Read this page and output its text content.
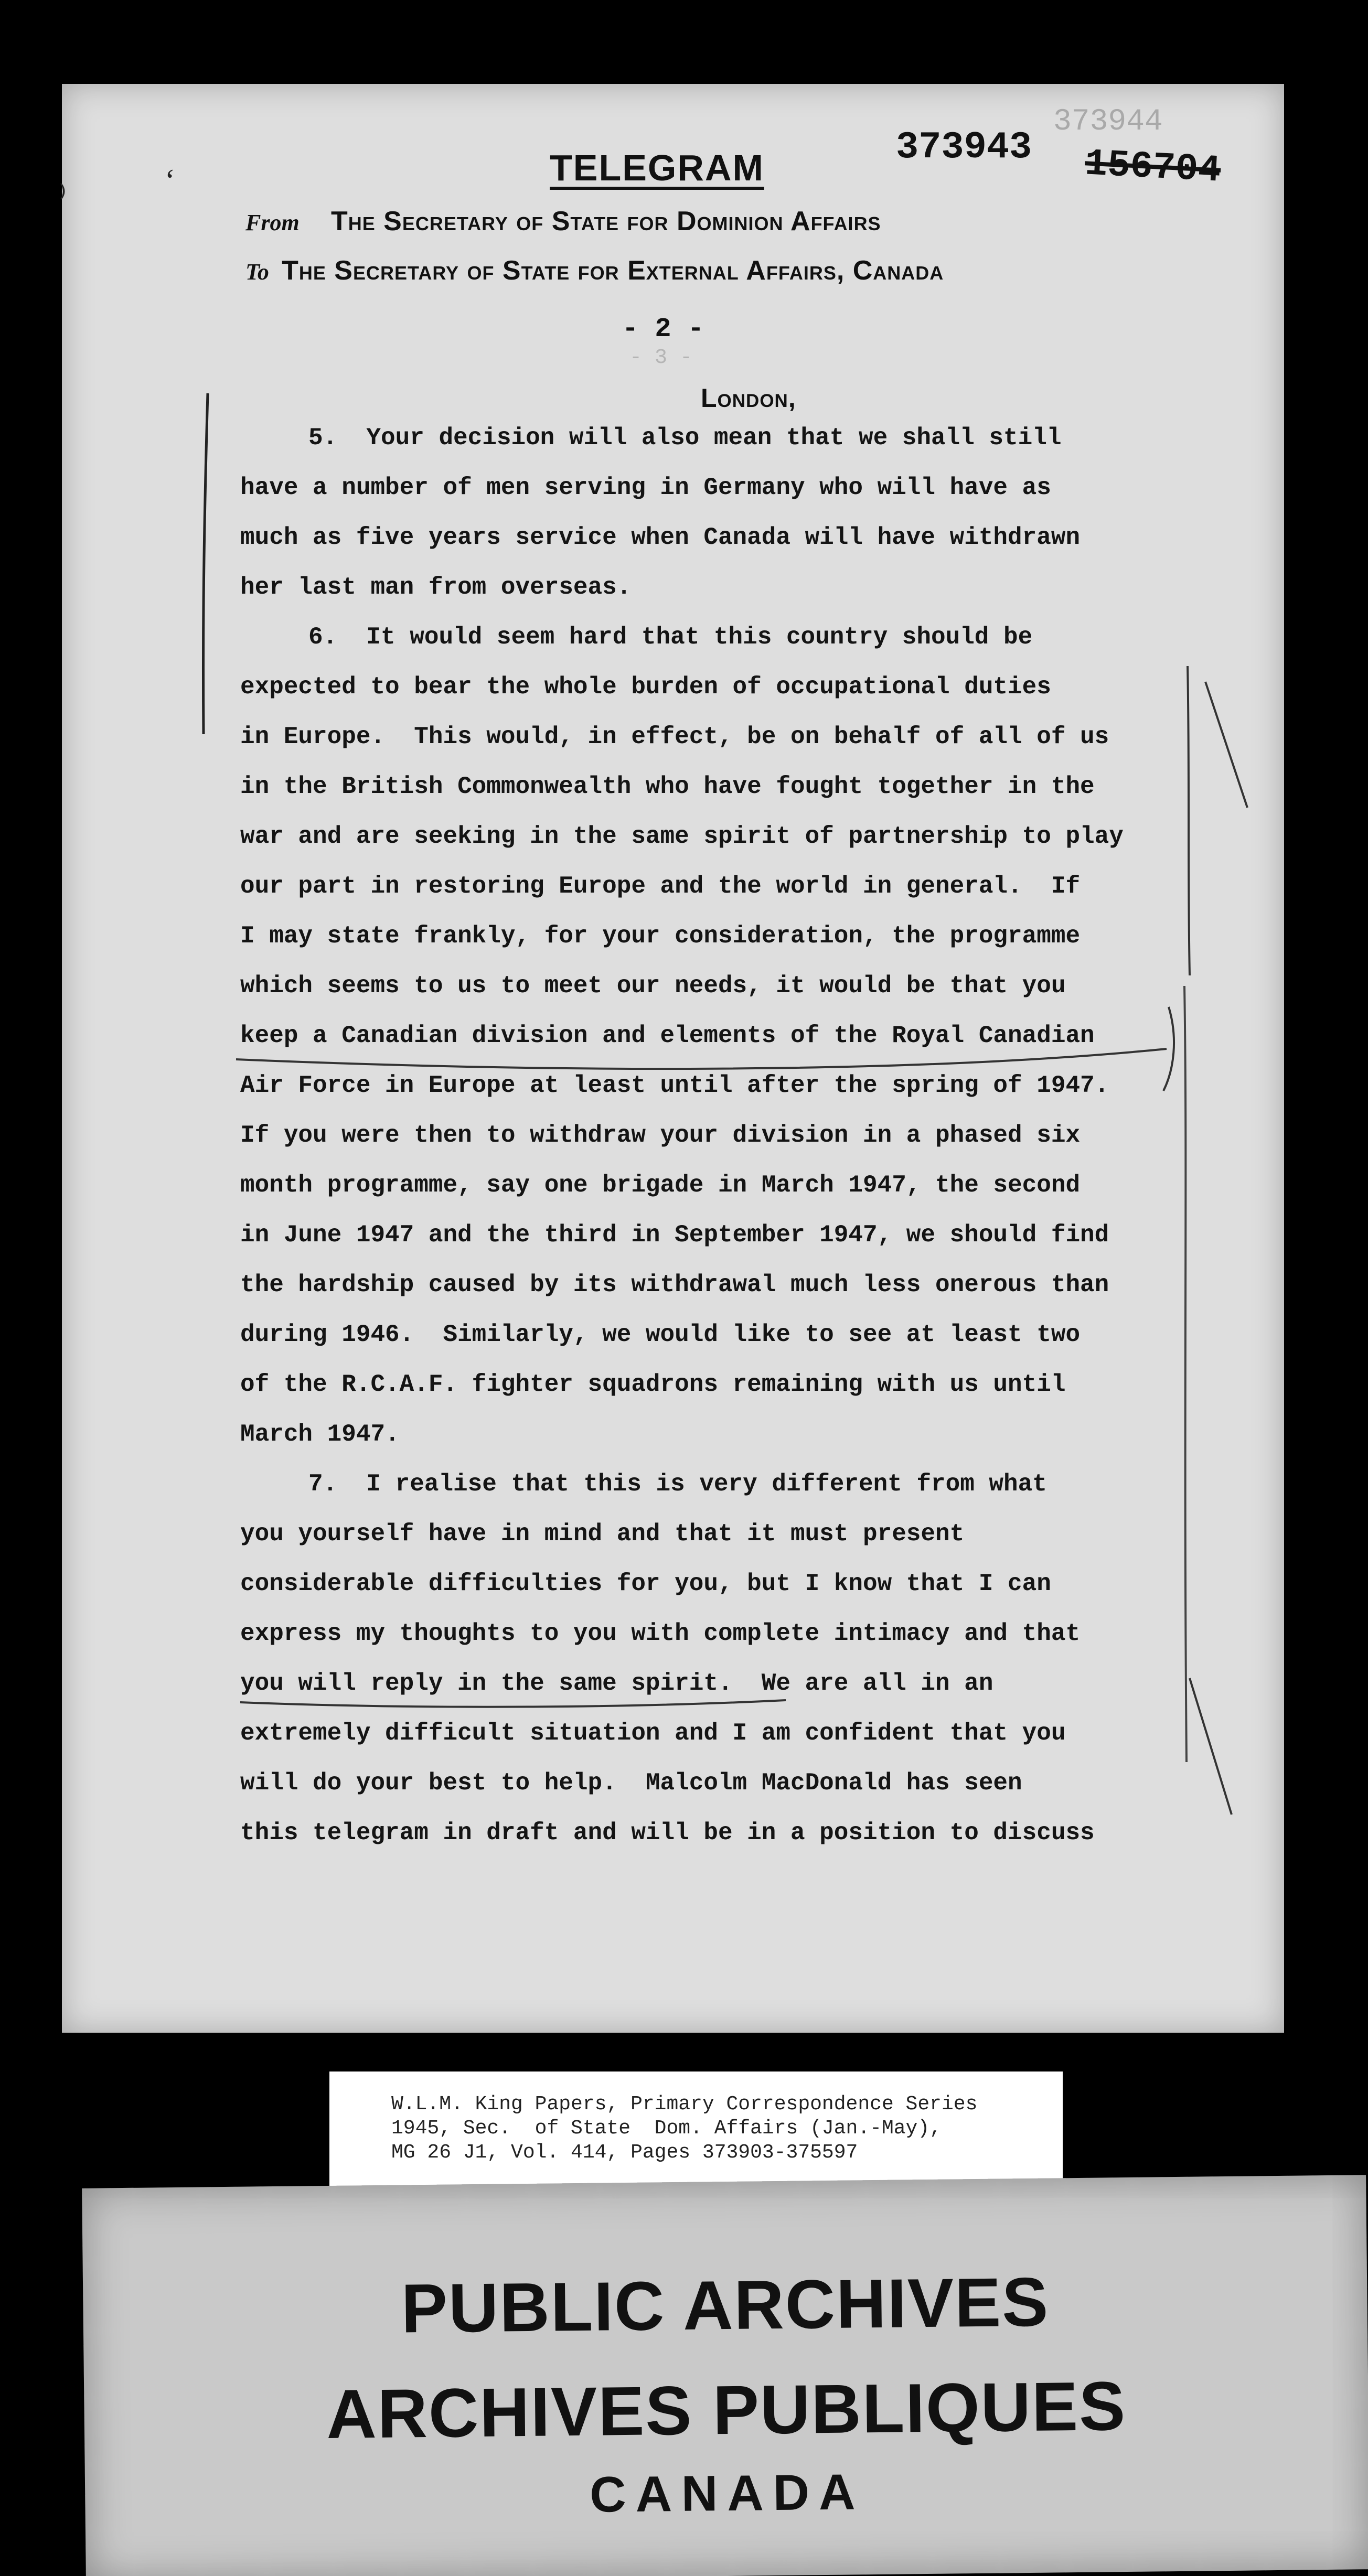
⁾	‘	TELEGRAM
373944
373943 156704
From The Secretary of State for Dominion Affairs
To The Secretary of State for External Affairs, Canada
- 2 -
- 3 -
London,
5.  Your decision will also mean that we shall still
have a number of men serving in Germany who will have as
much as five years service when Canada will have withdrawn
her last man from overseas.
6.  It would seem hard that this country should be
expected to bear the whole burden of occupational duties
in Europe.  This would, in effect, be on behalf of all of us
in the British Commonwealth who have fought together in the
war and are seeking in the same spirit of partnership to play
our part in restoring Europe and the world in general.  If
I may state frankly, for your consideration, the programme
which seems to us to meet our needs, it would be that you
keep a Canadian division and elements of the Royal Canadian
Air Force in Europe at least until after the spring of 1947.
If you were then to withdraw your division in a phased six
month programme, say one brigade in March 1947, the second
in June 1947 and the third in September 1947, we should find
the hardship caused by its withdrawal much less onerous than
during 1946.  Similarly, we would like to see at least two
of the R.C.A.F. fighter squadrons remaining with us until
March 1947.
7.  I realise that this is very different from what
you yourself have in mind and that it must present
considerable difficulties for you, but I know that I can
express my thoughts to you with complete intimacy and that
you will reply in the same spirit.  We are all in an
extremely difficult situation and I am confident that you
will do your best to help.  Malcolm MacDonald has seen
this telegram in draft and will be in a position to discuss
W.L.M. King Papers, Primary Correspondence Series
1945, Sec.  of State  Dom. Affairs (Jan.-May),
MG 26 J1, Vol. 414, Pages 373903-375597
PUBLIC ARCHIVES
ARCHIVES PUBLIQUES
CANADA
